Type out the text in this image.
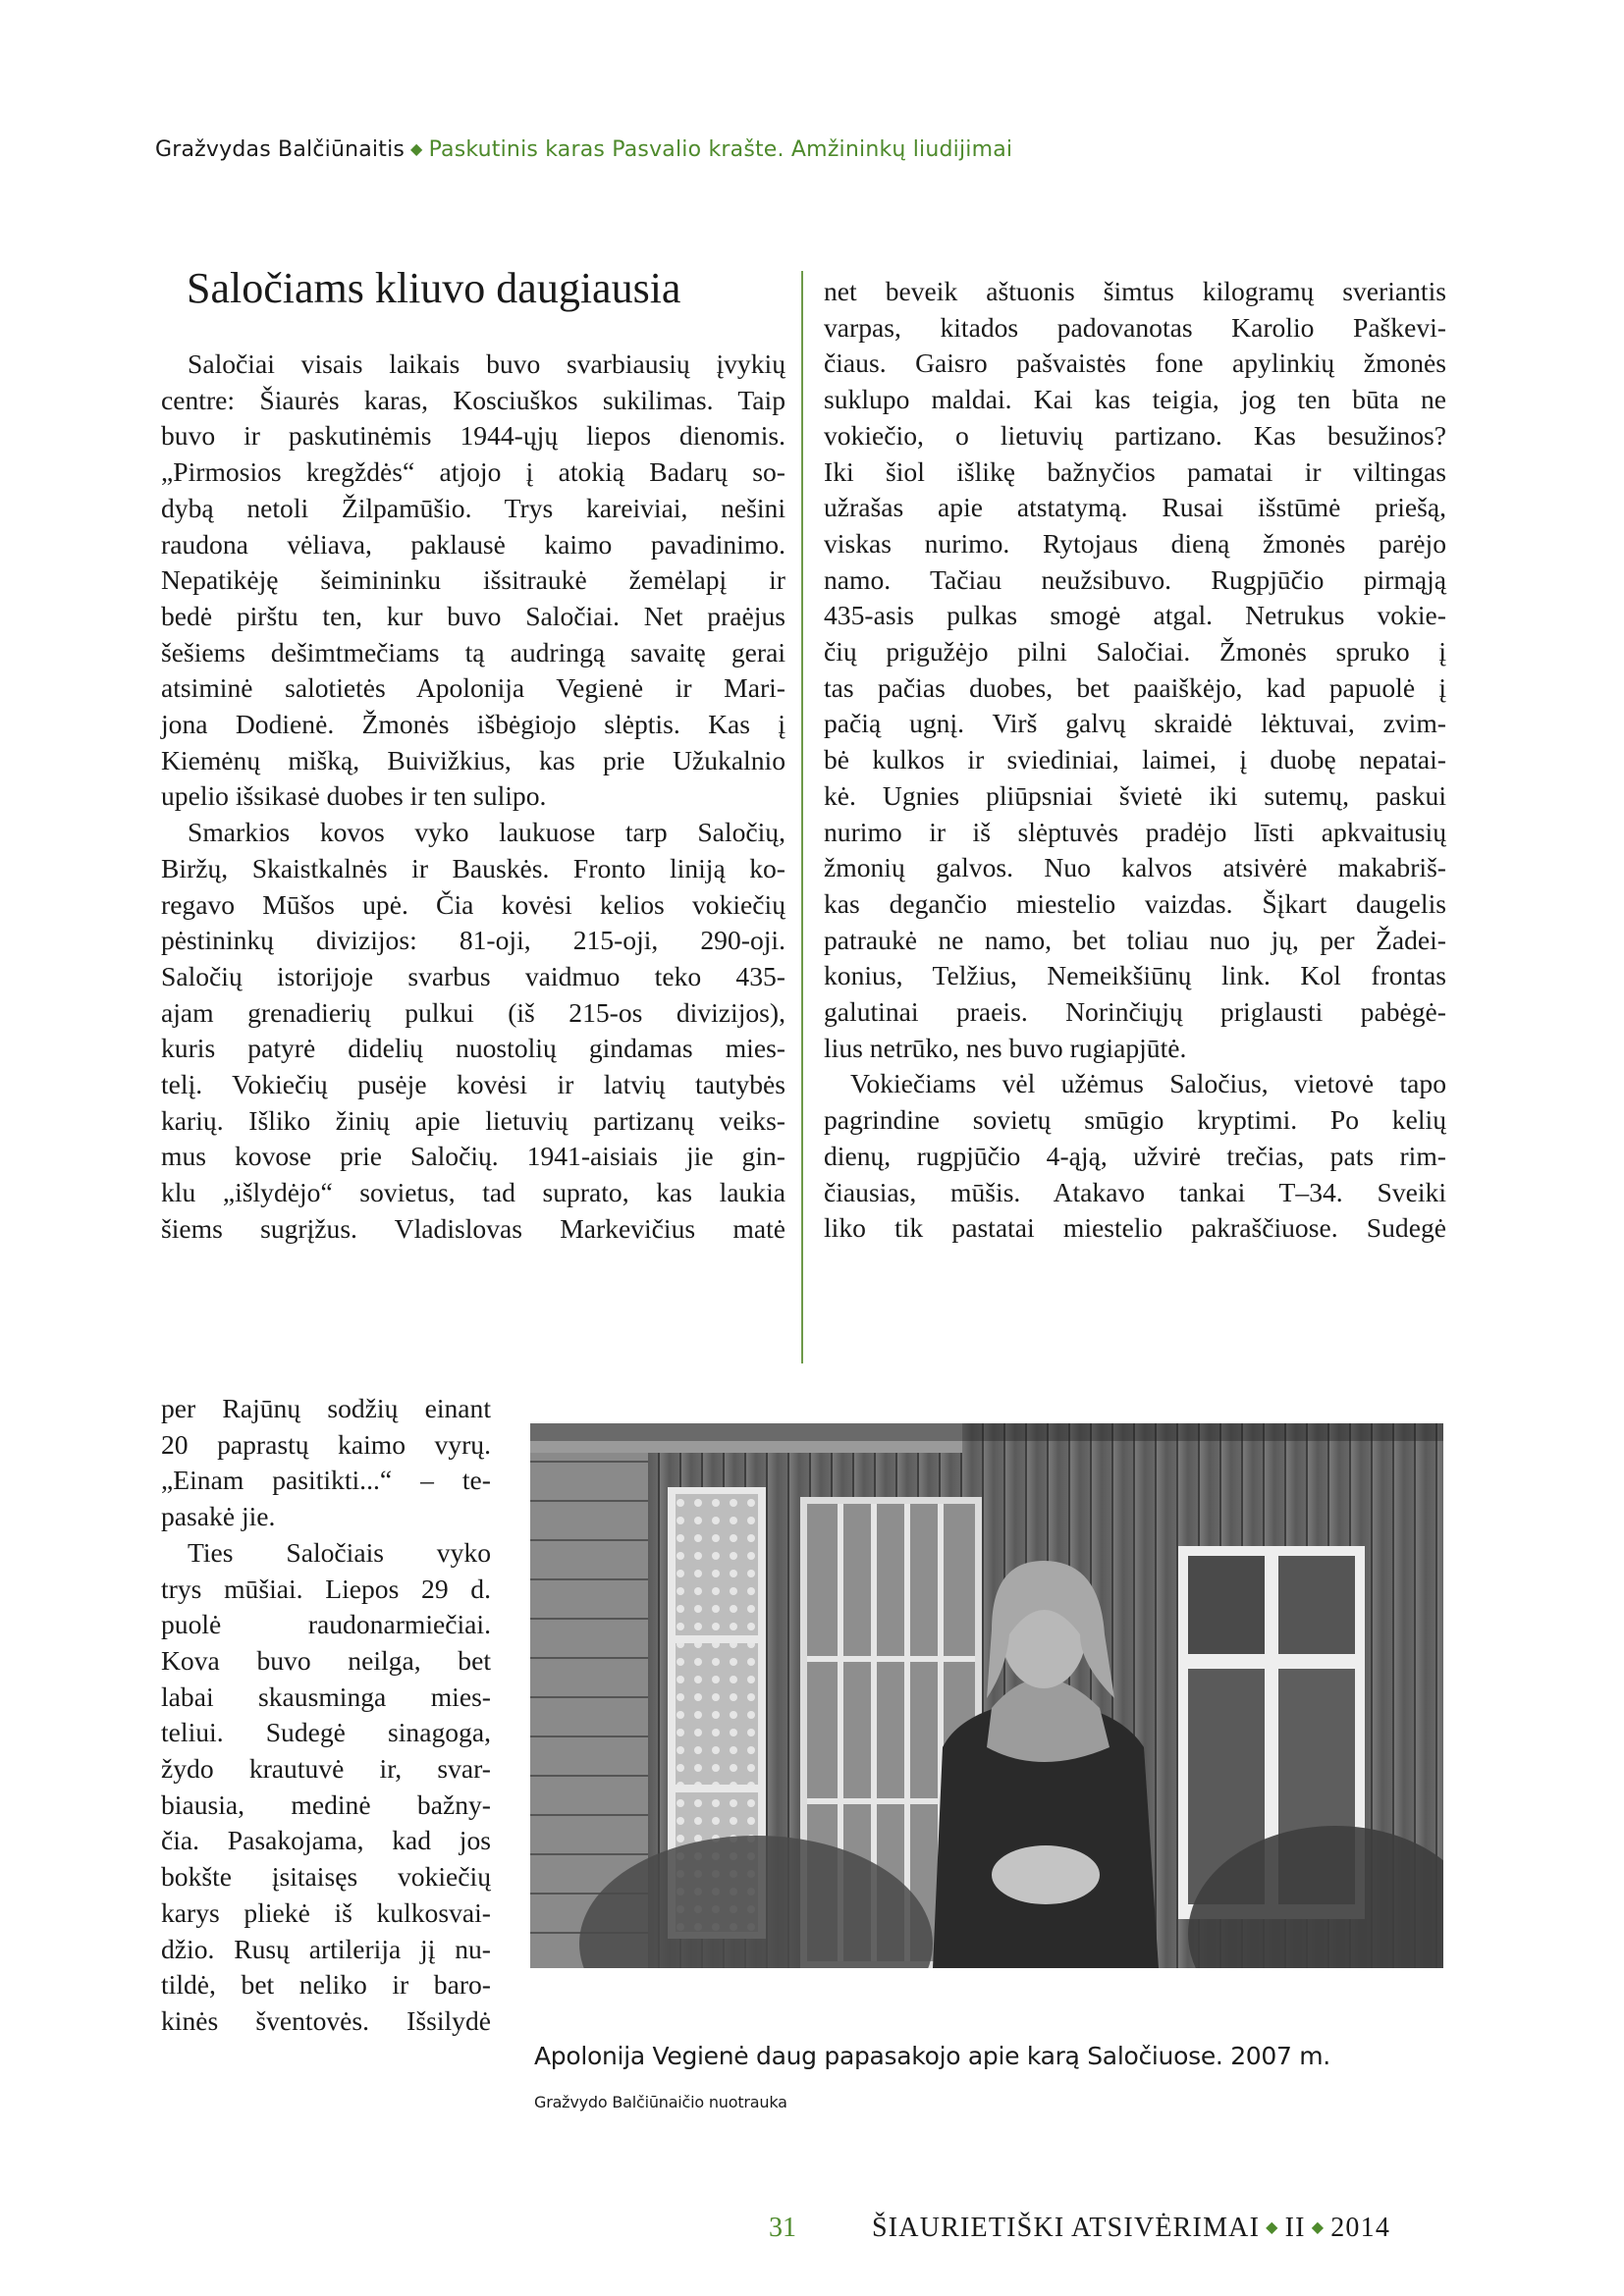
Gražvydas Balčiūnaitis ◆ Paskutinis karas Pasvalio krašte. Amžininkų liudijimai
Saločiams kliuvo daugiausia
Saločiai visais laikais buvo svarbiausių įvykių
centre: Šiaurės karas, Kosciuškos sukilimas. Taip
buvo ir paskutinėmis 1944-ųjų liepos dienomis.
„Pirmosios kregždės“ atjojo į atokią Badarų so-
dybą netoli Žilpamūšio. Trys kareiviai, nešini
raudona vėliava, paklausė kaimo pavadinimo.
Nepatikėję šeimininku išsitraukė žemėlapį ir
bedė pirštu ten, kur buvo Saločiai. Net praėjus
šešiems dešimtmečiams tą audringą savaitę gerai
atsiminė salotietės Apolonija Vegienė ir Mari-
jona Dodienė. Žmonės išbėgiojo slėptis. Kas į
Kiemėnų mišką, Buivižkius, kas prie Užukalnio
upelio išsikasė duobes ir ten sulipo.
Smarkios kovos vyko laukuose tarp Saločių,
Biržų, Skaistkalnės ir Bauskės. Fronto liniją ko-
regavo Mūšos upė. Čia kovėsi kelios vokiečių
pėstininkų divizijos: 81-oji, 215-oji, 290-oji.
Saločių istorijoje svarbus vaidmuo teko 435-
ajam grenadierių pulkui (iš 215-os divizijos),
kuris patyrė didelių nuostolių gindamas mies-
telį. Vokiečių pusėje kovėsi ir latvių tautybės
karių. Išliko žinių apie lietuvių partizanų veiks-
mus kovose prie Saločių. 1941-aisiais jie gin-
klu „išlydėjo“ sovietus, tad suprato, kas laukia
šiems sugrįžus. Vladislovas Markevičius matė
net beveik aštuonis šimtus kilogramų sveriantis
varpas, kitados padovanotas Karolio Paškevi-
čiaus. Gaisro pašvaistės fone apylinkių žmonės
suklupo maldai. Kai kas teigia, jog ten būta ne
vokiečio, o lietuvių partizano. Kas besužinos?
Iki šiol išlikę bažnyčios pamatai ir viltingas
užrašas apie atstatymą. Rusai išstūmė priešą,
viskas nurimo. Rytojaus dieną žmonės parėjo
namo. Tačiau neužsibuvo. Rugpjūčio pirmąją
435-asis pulkas smogė atgal. Netrukus vokie-
čių prigužėjo pilni Saločiai. Žmonės spruko į
tas pačias duobes, bet paaiškėjo, kad papuolė į
pačią ugnį. Virš galvų skraidė lėktuvai, zvim-
bė kulkos ir sviediniai, laimei, į duobę nepatai-
kė. Ugnies pliūpsniai švietė iki sutemų, paskui
nurimo ir iš slėptuvės pradėjo līsti apkvaitusių
žmonių galvos. Nuo kalvos atsivėrė makabriš-
kas degančio miestelio vaizdas. Šįkart daugelis
patraukė ne namo, bet toliau nuo jų, per Žadei-
konius, Telžius, Nemeikšiūnų link. Kol frontas
galutinai praeis. Norinčiųjų priglausti pabėgė-
lius netrūko, nes buvo rugiapjūtė.
Vokiečiams vėl užėmus Saločius, vietovė tapo
pagrindine sovietų smūgio kryptimi. Po kelių
dienų, rugpjūčio 4-ąją, užvirė trečias, pats rim-
čiausias, mūšis. Atakavo tankai T–34. Sveiki
liko tik pastatai miestelio pakraščiuose. Sudegė
per Rajūnų sodžių einant
20 paprastų kaimo vyrų.
„Einam pasitikti...“ – te-
pasakė jie.
Ties Saločiais vyko
trys mūšiai. Liepos 29 d.
puolė raudonarmiečiai.
Kova buvo neilga, bet
labai skausminga mies-
teliui. Sudegė sinagoga,
žydo krautuvė ir, svar-
biausia, medinė bažny-
čia. Pasakojama, kad jos
bokšte įsitaisęs vokiečių
karys pliekė iš kulkosvai-
džio. Rusų artilerija jį nu-
tildė, bet neliko ir baro-
kinės šventovės. Išsilydė
Apolonija Vegienė daug papasakojo apie karą Saločiuose. 2007 m.
Gražvydo Balčiūnaičio nuotrauka
31	ŠIAURIETIŠKI ATSIVĖRIMAI ◆ II ◆ 2014
